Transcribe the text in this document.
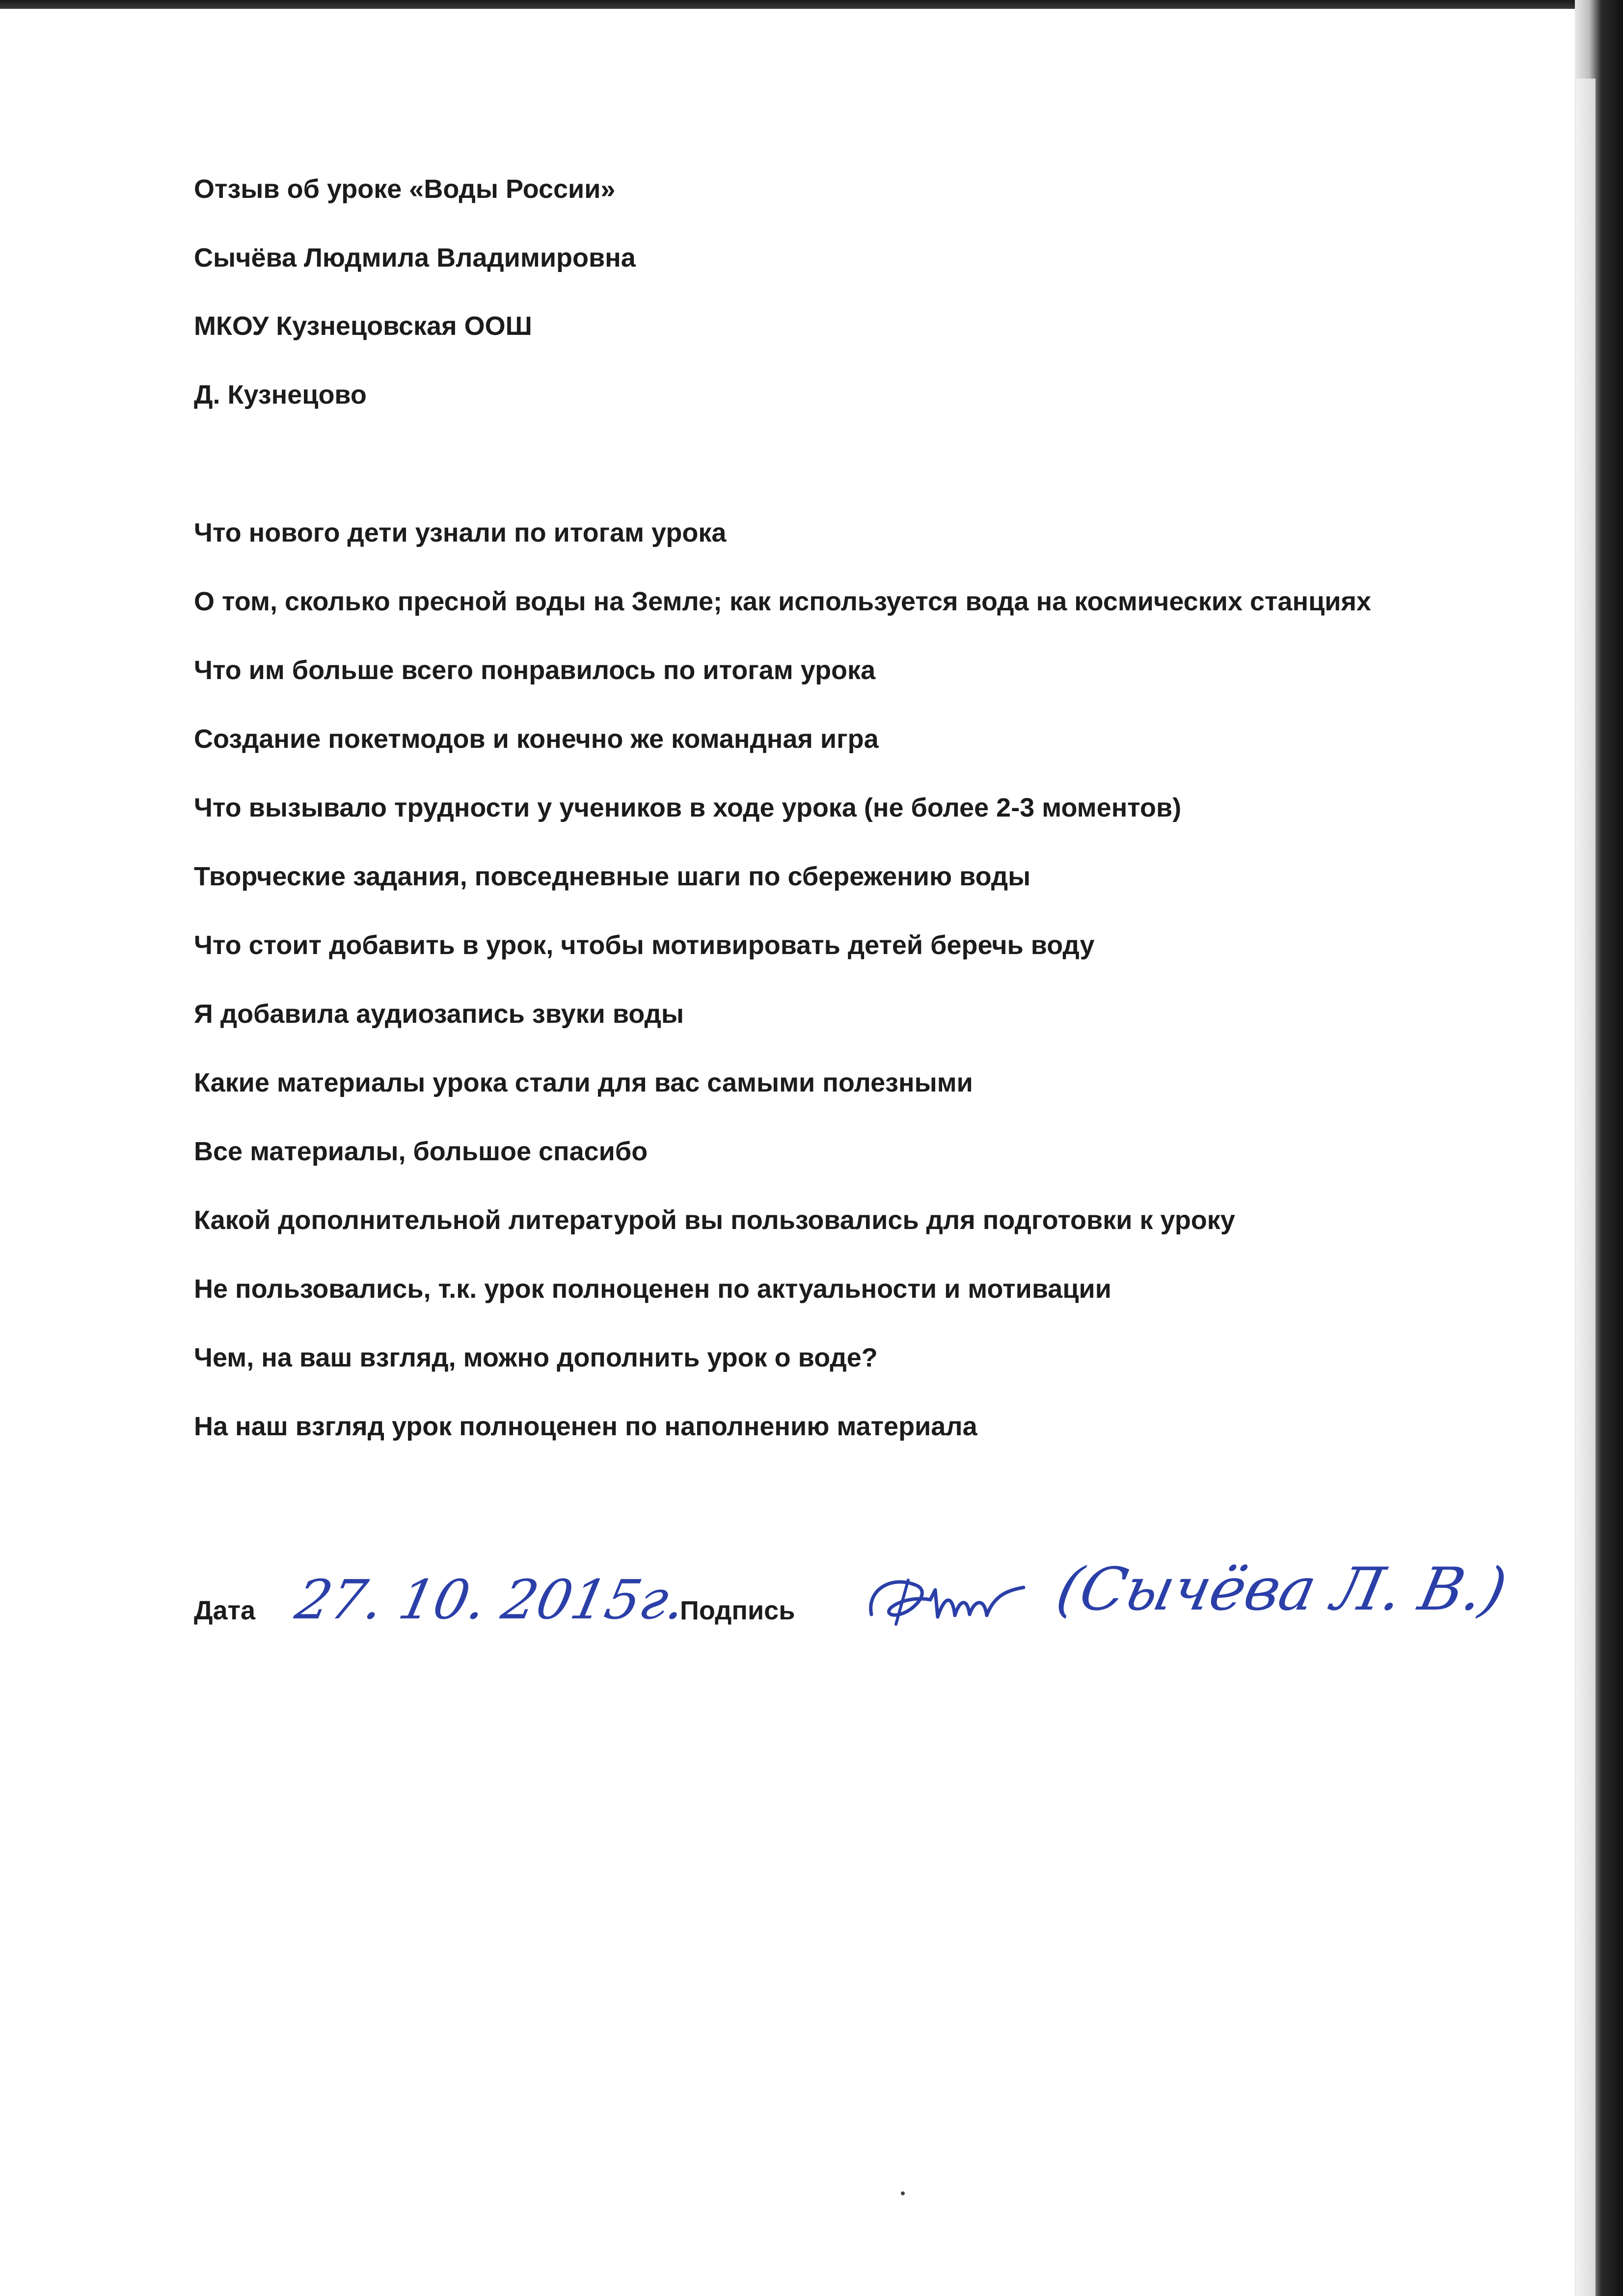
Отзыв об уроке «Воды России»
Сычёва Людмила Владимировна
МКОУ Кузнецовская ООШ
Д. Кузнецово
Что нового дети узнали по итогам урока
О том, сколько пресной воды на Земле; как используется вода на космических станциях
Что им больше всего понравилось по итогам урока
Создание покетмодов и конечно же командная игра
Что вызывало трудности у учеников в ходе урока (не более 2-3 моментов)
Творческие задания, повседневные шаги по сбережению воды
Что стоит добавить в урок, чтобы мотивировать детей беречь воду
Я добавила аудиозапись звуки воды
Какие материалы урока стали для вас самыми полезными
Все материалы, большое спасибо
Какой дополнительной литературой вы пользовались для подготовки к уроку
Не пользовались, т.к. урок полноценен по актуальности и мотивации
Чем, на ваш взгляд, можно дополнить урок о воде?
На наш взгляд урок полноценен по наполнению материала
Дата 27. 10. 2015г.
Подпись	(Сычёва Л. В.)
